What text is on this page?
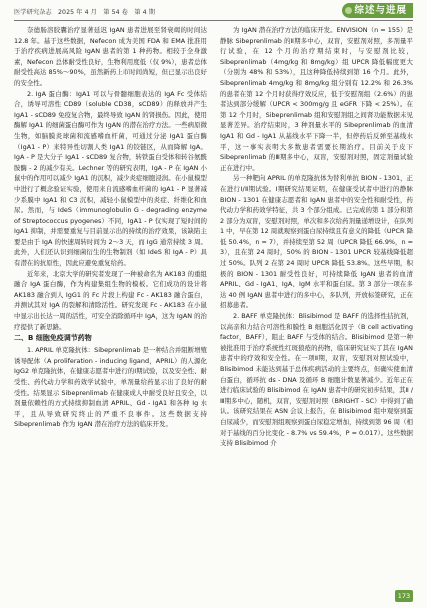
医学研究杂志　2025 年 4 月　第 54 卷　第 4 期	综述与进展

奈德肠溶胶囊治疗显著延迟 IgAN 患者进展至肾衰竭的时间达 12.8 年。基于这些数据，Nefecon 成为美国 FDA 和 EMA 批准用于治疗疾病进展高风险 IgAN 患者的第 1 种药物。相较于全身激素，Nefecon 总体耐受性良好，生物利用度低（仅 9%），患者总体耐受性高达 85%～90%，虽然新药上市时间尚短，但已显示出良好的安全性。

2. IgA 蛋白酶：IgA1 可以与骨髓细胞表达的 IgA Fc 受体结合，诱导可溶性 CD89（soluble CD38，sCD89）的释放并产生 IgA1 - sCD89 免疫复合物，最终导致 IgAN 的肾损伤。因此，使用酶解 IgA1 的细菌蛋白酶可作为 IgAN 的潜在治疗方法。一些病原微生物，如脑膜炎球菌和流感嗜血杆菌，可通过分泌 IgA1 蛋白酶（IgA1 - P）来特异性切割人类 IgA1 的铰链区，从而降解 IgA。IgA - P 是大分子 IgA1 - sCD89 复合物，转铁蛋白受体和转谷氨酰胺酶 - 2 的减少有关。Lechner 等的研究表明，IgA - P 在 IgAN 小鼠中的作用可以减少 IgA1 的沉积，减少炎症细胞浸润。在小鼠模型中进行了概念验证实验，使用来自流感嗜血杆菌的 IgA1 - P 显著减少系膜中 IgA1 和 C3 沉积，减轻小鼠模型中的炎症、纤维化和血尿。然而，与 IdeS（immunoglobulin G - degrading enzyme of Streptococcus pyogenes）不同，IgA1 - P 仅实现了短时间的 IgA1 抑制，并需要重复与目前显示出的持续的治疗效果，该缺陷主要是由于 IgA 的快速周转时间为 2～3 天，而 IgG 通常持续 3 周。此外，人们还认识到细菌衍生的生物制剂（如 IdeS 和 IgA - P）具有潜在的抗原性，因此应避免重复给药。

近年来，北京大学的研究者发现了一种被命名为 AK183 的重组融合 IgA 蛋白酶，作为构建集组生物的模板。它们成功的设计将 AK183 融合到人 IgG1 的 Fc 片段上构建 Fc - AK183 融合蛋白，并测试其对 IgA 的裂解和清除活性。研究发现 Fc - AK183 在小鼠中显示出长达一周的活性，可安全消除循环中 IgA，这为 IgAN 的治疗提供了新思路。

二、B 细胞免疫调节药物

1. APRIL 单克隆抗体：Sibeprenlimab 是一种结合并阻断增殖诱导配体（A proliferation - inducing ligand，APRIL）的人源化 IgG2 单克隆抗体，在健康志愿者中进行的Ⅰ期试验，以及安全性、耐受性、药代动力学和药效学试验中，单剂量给药显示出了良好的耐受性。结果显示 Sibeprenlimab 在健康成人中耐受良好且安全，以剂量依赖性的方式持续抑制血清 APRIL、Gd - IgA1 和各种 Ig 水平，且从导致研究终止的严重不良事件。这些数据支持 Sibeprenlimab 作为 IgAN 潜在治疗方法的临床开发。

为 IgAN 潜在治疗方法的临床开发。ENVISION（n = 155）是静脉 Sibeprenlimab 的Ⅱ期多中心，双盲，安慰剂对照，多剂量平行试验，在 12 个月的治疗期结束时，与安慰剂比较，Sibeprenlimab（4mg/kg 和 8mg/kg）组 UPCR 降低幅度更大（分别为 48% 和 53%），且这种降低持续到第 16 个月。此外，Sibeprenlimab 4mg/kg 和 8mg/kg 组分别有 12.2% 和 26.3% 的患者在第 12 个月时获得疗效反应，低于安慰剂组（2.6%）的患者达到部分缓解（UPCR < 300mg/g 且 eGFR 下降 < 25%）。在第 12 个月时，Sibeprenlimab 组和安慰剂组之间肾功能数据未见显著差异。治疗结束时，3 种剂量水平的 Sibeprenlimab 的血清 IgA1 和 Gd - IgA1 从基线水平下降一半，但停药后反弹至基线水平，这一事实表明大多数患者需要长期治疗。目前关于皮下 Sibeprenlimab 的Ⅲ期多中心，双盲，安慰剂对照，固定剂量试验正在进行中。

另一种靶向 APRIL 的单克隆抗体为替利单抗 BION - 1301，正在进行Ⅰ/Ⅱ期试验。Ⅰ期研究结果证明，在健康受试者中进行的静脉 BION - 1301 在健康志愿者和 IgAN 患者中的安全性和耐受性，药代动力学和药效学特征，共 3 个部分组成。已完成的第 1 部分和第 2 部分为双盲，安慰剂对照，单次和多次给药剂量递增设计，在队列 1 中，早在第 12 周就观察到蛋白尿持续且有意义的降低（UPCR 降低 50.4%，n = 7），并持续至第 52 周（UPCR 降低 66.9%，n = 3），且在第 24 周时，50% 的 BION - 1301 UPCR 较基线降低超过 50%。队列 2 在第 24 周时 UPCR 降低 53.8%。这些早期，积极的 BION - 1301 耐受性良好，可持续降低 IgAN 患者的血清 APRIL、Gd - IgA1、IgA、IgM 水平和蛋白尿。第 3 部分一项在多达 40 例 IgAN 患者中进行的多中心，多队列，开放标签研究，正在招募患者。

2. BAFF 单克隆抗体：Blisibimod 是 BAFF 的选择性拮抗剂，以高亲和力结合可溶性和膜性 B 细胞活化因子（B cell activating factor，BAFF），阻止 BAFF 与受体的结合。Blisibimod 是第一种被批准用于治疗系统性红斑狼疮的药物，临床研究证实了其在 IgAN 患者中的疗效和安全性。在一项Ⅱ期，双盲，安慰剂对照试验中，Blisibimod 未能达到基于总体疾病活动的主要终点，但确实使血清白蛋白，循环抗 ds - DNA 及循环 B 细胞计数显著减少。近年正在进行临床试验的 Blisibimod 在 IgAN 患者中的研究初步结果，其Ⅱ / Ⅲ期多中心，随机，双盲，安慰剂对照（BRIGHT - SC）中得到了确认。该研究结果在 ASN 会议上报告，在 Blisibimod 组中观察到蛋白尿减少，而安慰剂组观察到蛋白尿稳定增加，持续到第 96 周（相对于基线的百分比变化 - 8.7% vs 59.4%，P = 0.017）。这些数据支持 Blisibimod 介

173
